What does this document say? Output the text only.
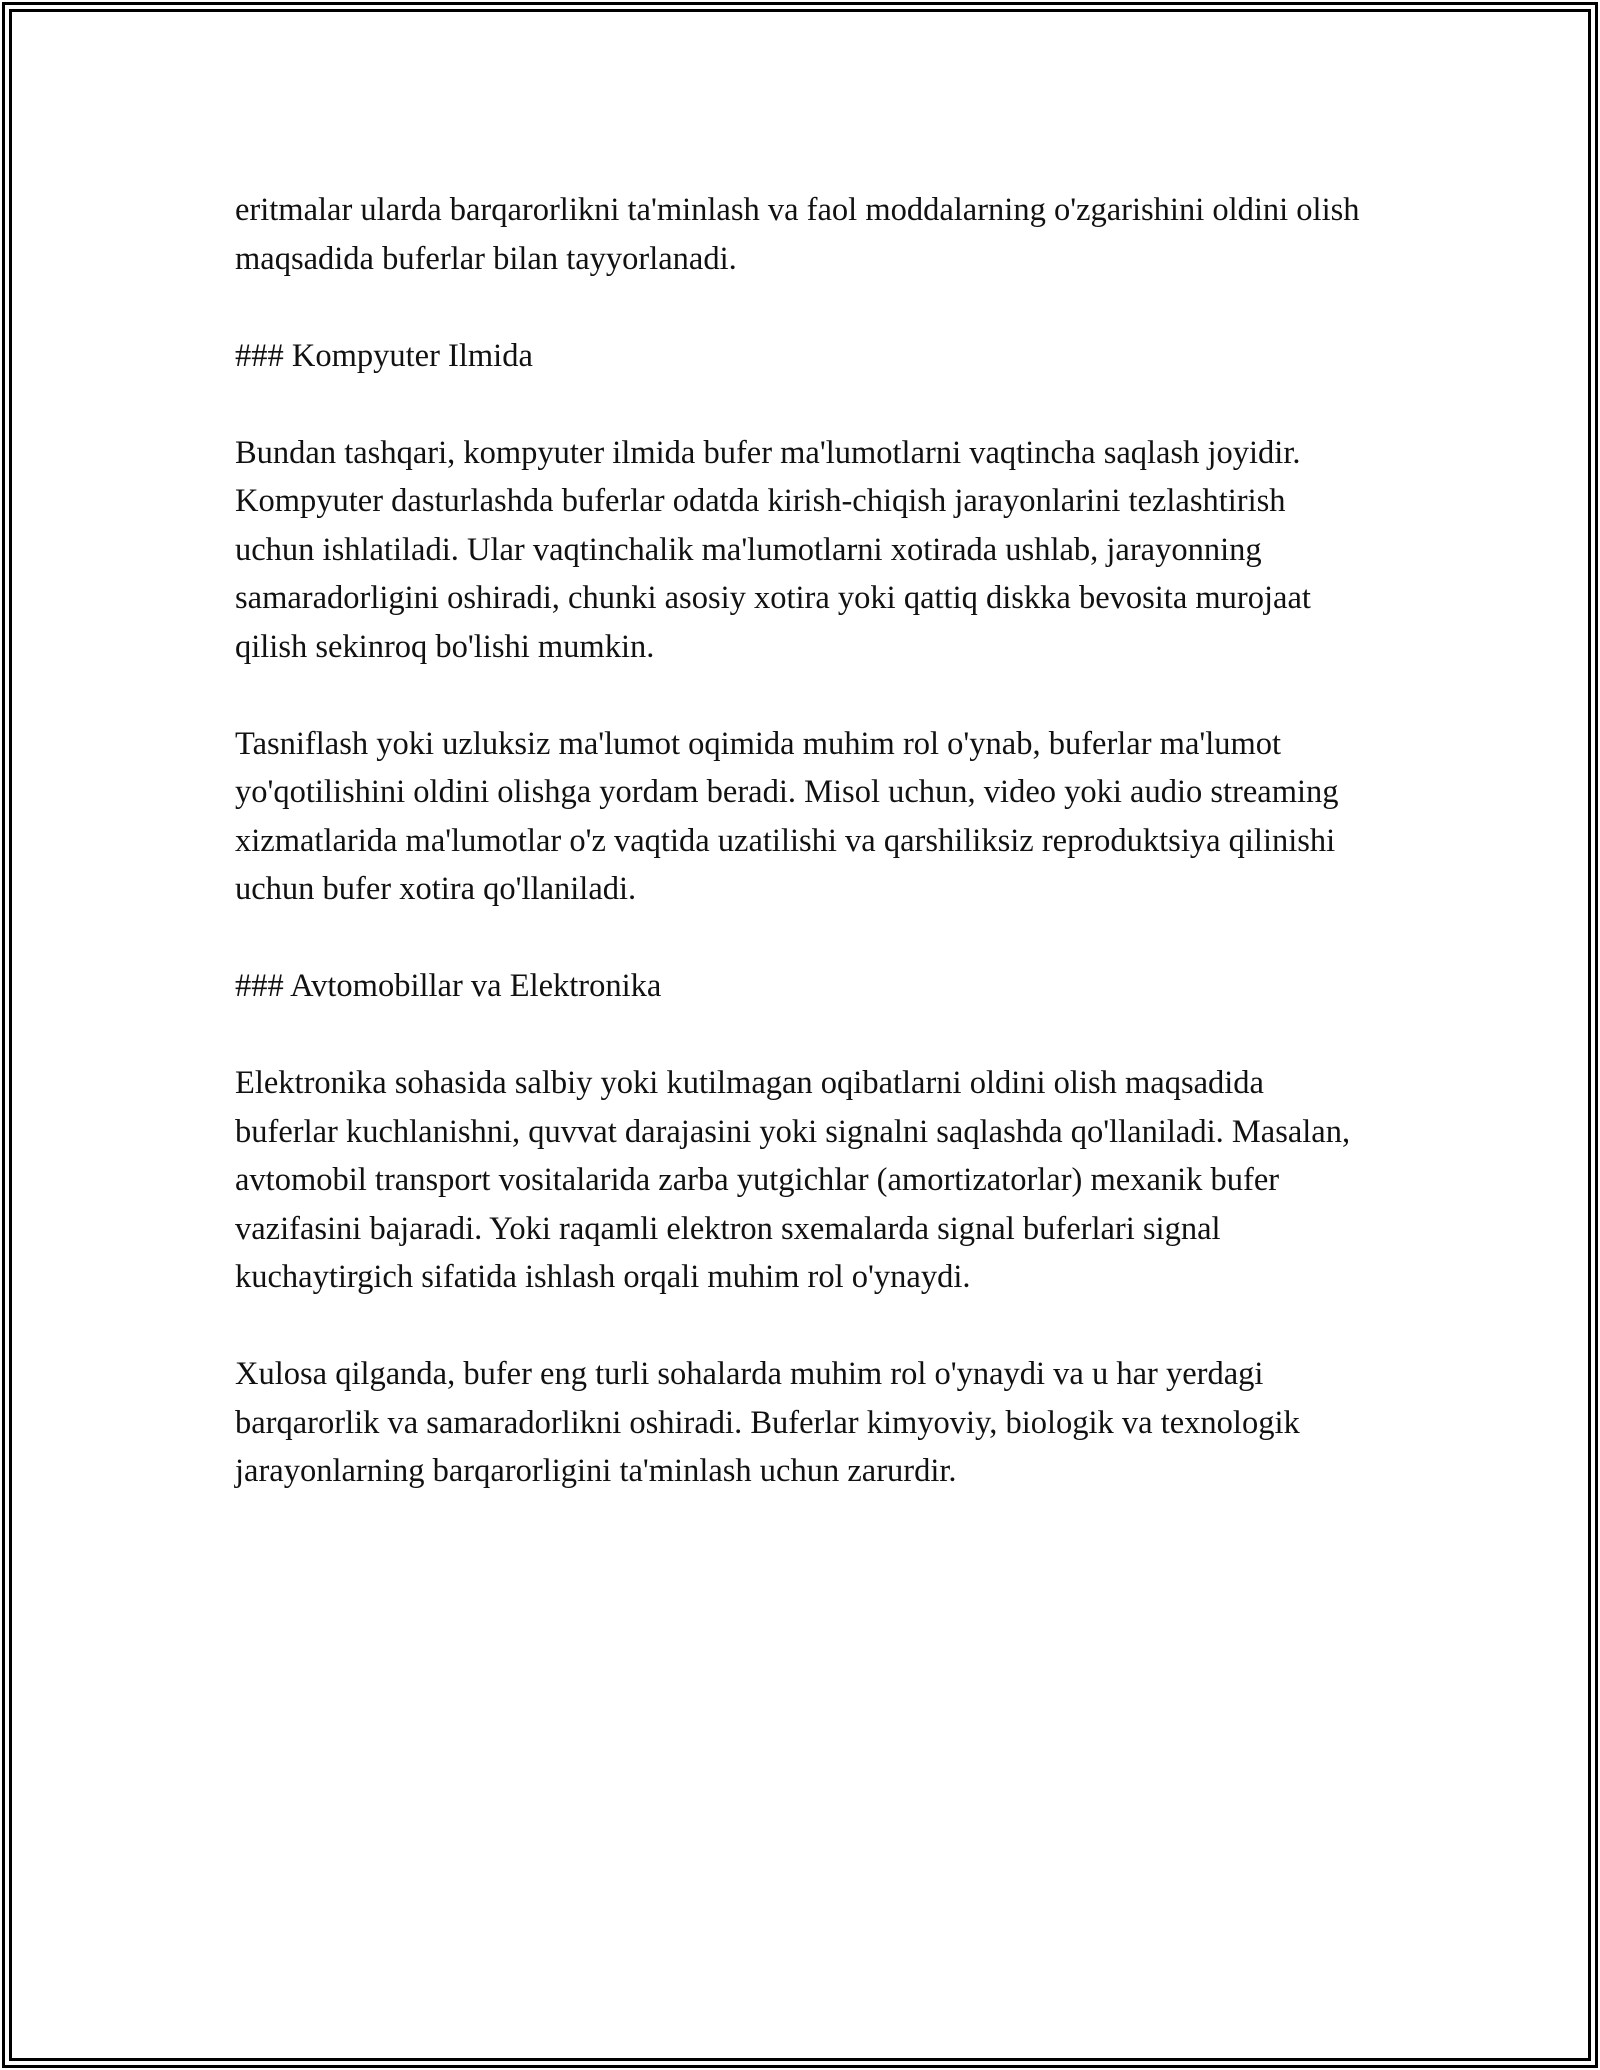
eritmalar ularda barqarorlikni ta'minlash va faol moddalarning o'zgarishini oldini olish maqsadida buferlar bilan tayyorlanadi.

### Kompyuter Ilmida

Bundan tashqari, kompyuter ilmida bufer ma'lumotlarni vaqtincha saqlash joyidir. Kompyuter dasturlashda buferlar odatda kirish-chiqish jarayonlarini tezlashtirish uchun ishlatiladi. Ular vaqtinchalik ma'lumotlarni xotirada ushlab, jarayonning samaradorligini oshiradi, chunki asosiy xotira yoki qattiq diskka bevosita murojaat qilish sekinroq bo'lishi mumkin.

Tasniflash yoki uzluksiz ma'lumot oqimida muhim rol o'ynab, buferlar ma'lumot yo'qotilishini oldini olishga yordam beradi. Misol uchun, video yoki audio streaming xizmatlarida ma'lumotlar o'z vaqtida uzatilishi va qarshiliksiz reproduktsiya qilinishi uchun bufer xotira qo'llaniladi.

### Avtomobillar va Elektronika

Elektronika sohasida salbiy yoki kutilmagan oqibatlarni oldini olish maqsadida buferlar kuchlanishni, quvvat darajasini yoki signalni saqlashda qo'llaniladi. Masalan, avtomobil transport vositalarida zarba yutgichlar (amortizatorlar) mexanik bufer vazifasini bajaradi. Yoki raqamli elektron sxemalarda signal buferlari signal kuchaytirgich sifatida ishlash orqali muhim rol o'ynaydi.

Xulosa qilganda, bufer eng turli sohalarda muhim rol o'ynaydi va u har yerdagi barqarorlik va samaradorlikni oshiradi. Buferlar kimyoviy, biologik va texnologik jarayonlarning barqarorligini ta'minlash uchun zarurdir.
